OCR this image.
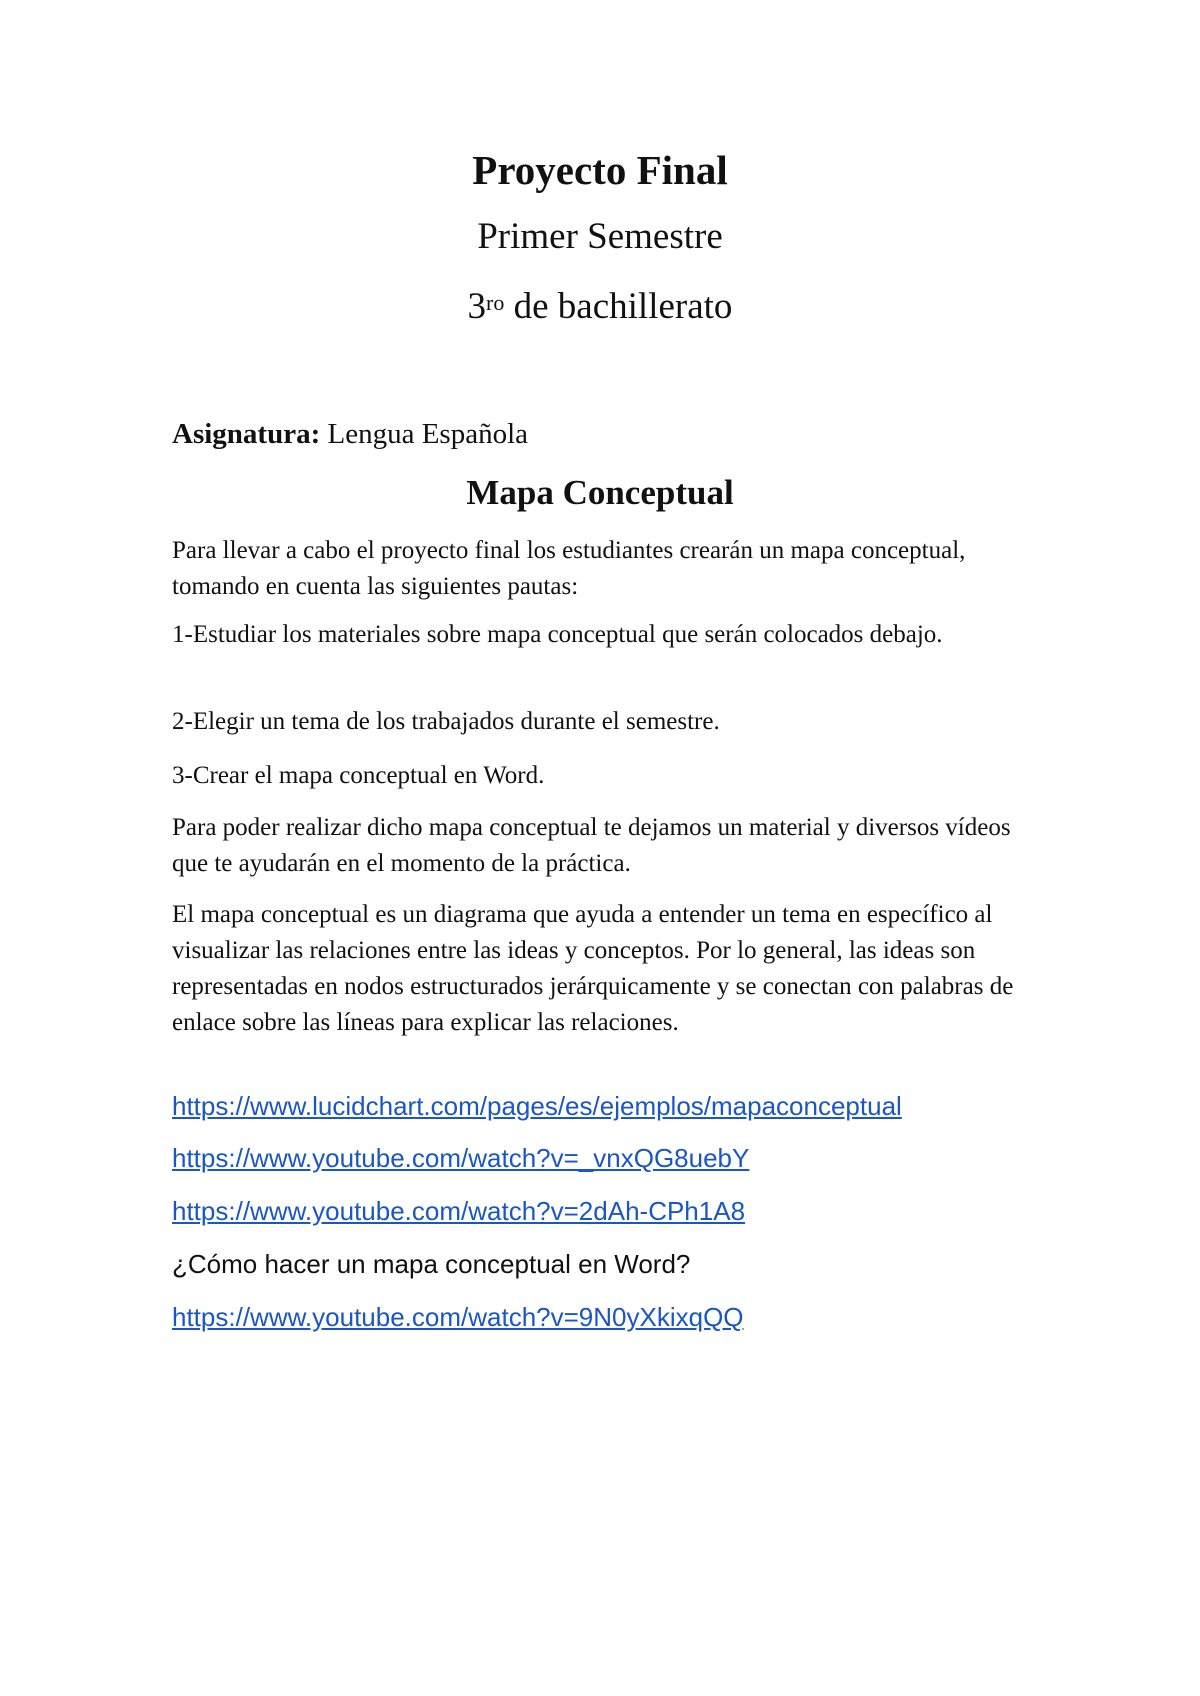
Proyecto Final
Primer Semestre
$3^{ro}$ de bachillerato
Asignatura: Lengua Española
Mapa Conceptual

Para llevar a cabo el proyecto final los estudiantes crearán un mapa conceptual, tomando en cuenta las siguientes pautas:

1-Estudiar los materiales sobre mapa conceptual que serán colocados debajo.

2-Elegir un tema de los trabajados durante el semestre.

3-Crear el mapa conceptual en Word.

Para poder realizar dicho mapa conceptual te dejamos un material y diversos vídeos que te ayudarán en el momento de la práctica.

El mapa conceptual es un diagrama que ayuda a entender un tema en específico al visualizar las relaciones entre las ideas y conceptos. Por lo general, las ideas son representadas en nodos estructurados jerárquicamente y se conectan con palabras de enlace sobre las líneas para explicar las relaciones.

https://www.lucidchart.com/pages/es/ejemplos/mapaconceptual
https://www.youtube.com/watch?v=_vnxQG8uebY
https://www.youtube.com/watch?v=2dAh-CPh1A8
¿Cómo hacer un mapa conceptual en Word?
https://www.youtube.com/watch?v=9N0yXkixqQQ
